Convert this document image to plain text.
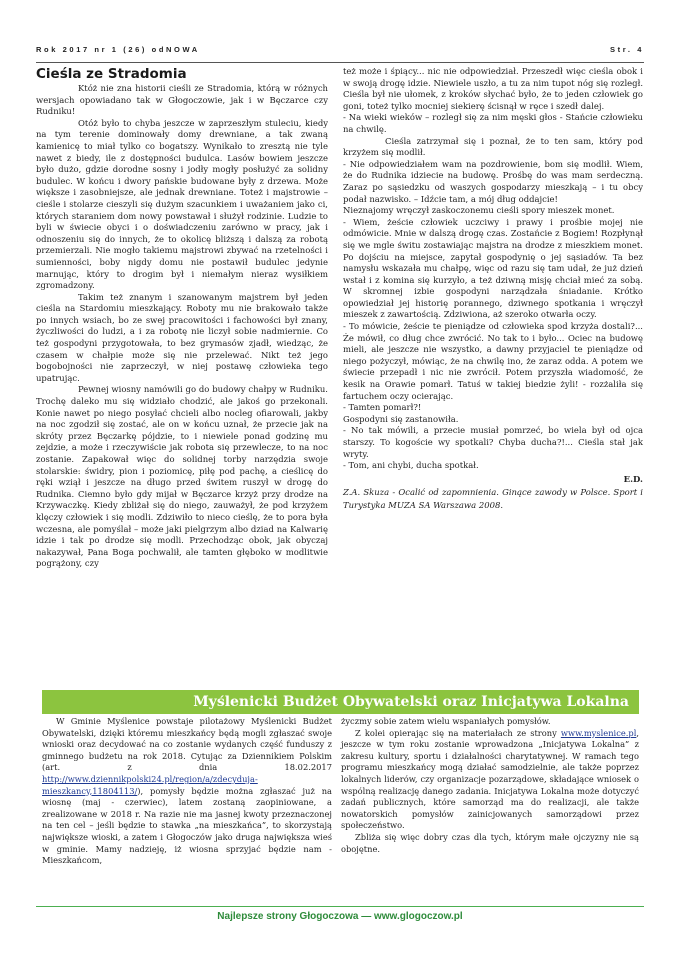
Rok 2017 nr 1 (26) odNOWA	Str. 4
Cieśla ze Stradomia

Któż nie zna historii cieśli ze Stradomia, którą w różnych wersjach opowiadano tak w Głogoczowie, jak i w Bęczarce czy Rudniku!

Otóż było to chyba jeszcze w zaprzeszłym stuleciu, kiedy na tym terenie dominowały domy drewniane, a tak zwaną kamienicę to miał tylko co bogatszy. Wynikało to zresztą nie tyle nawet z biedy, ile z dostępności budulca. Lasów bowiem jeszcze było dużo, gdzie dorodne sosny i jodły mogły posłużyć za solidny budulec. W końcu i dwory pańskie budowane były z drzewa. Może większe i zasobniejsze, ale jednak drewniane. Toteż i majstrowie – cieśle i stolarze cieszyli się dużym szacunkiem i uważaniem jako ci, których staraniem dom nowy powstawał i służył rodzinie. Ludzie to byli w świecie obyci i o doświadczeniu zarówno w pracy, jak i odnoszeniu się do innych, że to okolicę bliższą i dalszą za robotą przemierzali. Nie mogło takiemu majstrowi zbywać na rzetelności i sumienności, boby nigdy domu nie postawił budulec jedynie marnując, który to drogim był i niemałym nieraz wysiłkiem zgromadzony.

Takim też znanym i szanowanym majstrem był jeden cieśla na Stardomiu mieszkający. Roboty mu nie brakowało także po innych wsiach, bo ze swej pracowitości i fachowości był znany, życzliwości do ludzi, a i za robotę nie liczył sobie nadmiernie. Co też gospodyni przygotowała, to bez grymasów zjadł, wiedząc, że czasem w chałpie może się nie przelewać. Nikt też jego bogobojności nie zaprzeczył, w niej postawę człowieka tego upatrując.

Pewnej wiosny namówili go do budowy chałpy w Rudniku. Trochę daleko mu się widziało chodzić, ale jakoś go przekonali. Konie nawet po niego posyłać chcieli albo nocleg ofiarowali, jakby na noc zgodził się zostać, ale on w końcu uznał, że przecie jak na skróty przez Bęczarkę pójdzie, to i niewiele ponad godzinę mu zejdzie, a może i rzeczywiście jak robota się przewlecze, to na noc zostanie. Zapakował więc do solidnej torby narzędzia swoje stolarskie: świdry, pion i poziomicę, piłę pod pachę, a cieślicę do ręki wziął i jeszcze na długo przed świtem ruszył w drogę do Rudnika. Ciemno było gdy mijał w Bęczarce krzyż przy drodze na Krzywaczkę. Kiedy zbliżał się do niego, zauważył, że pod krzyżem klęczy człowiek i się modli. Zdziwiło to nieco cieślę, że to pora była wczesna, ale pomyślał – może jaki pielgrzym albo dziad na Kalwarię idzie i tak po drodze się modli. Przechodząc obok, jak obyczaj nakazywał, Pana Boga pochwalił, ale tamten głęboko w modlitwie pogrążony, czy

też może i śpiący... nic nie odpowiedział. Przeszedł więc cieśla obok i w swoją drogę idzie. Niewiele uszło, a tu za nim tupot nóg się rozległ. Cieśla był nie ułomek, z kroków słychać było, że to jeden człowiek go goni, toteż tylko mocniej siekierę ścisnął w ręce i szedł dalej.

- Na wieki wieków – rozległ się za nim męski głos - Stańcie człowieku na chwilę.

Cieśla zatrzymał się i poznał, że to ten sam, który pod krzyżem się modlił.

- Nie odpowiedziałem wam na pozdrowienie, bom się modlił. Wiem, że do Rudnika idziecie na budowę. Prośbę do was mam serdeczną. Zaraz po sąsiedzku od waszych gospodarzy mieszkają – i tu obcy podał nazwisko. – Idźcie tam, a mój dług oddajcie!

Nieznajomy wręczył zaskoczonemu cieśli spory mieszek monet.

- Wiem, żeście człowiek uczciwy i prawy i prośbie mojej nie odmówicie. Mnie w dalszą drogę czas. Zostańcie z Bogiem! Rozpłynął się we mgle świtu zostawiając majstra na drodze z mieszkiem monet. Po dojściu na miejsce, zapytał gospodynię o jej sąsiadów. Ta bez namysłu wskazała mu chałpę, więc od razu się tam udał, że już dzień wstał i z komina się kurzyło, a też dziwną misję chciał mieć za sobą. W skromnej izbie gospodyni narządzała śniadanie. Krótko opowiedział jej historię porannego, dziwnego spotkania i wręczył mieszek z zawartością. Zdziwiona, aż szeroko otwarła oczy.

- To mówicie, żeście te pieniądze od człowieka spod krzyża dostali?... Że mówił, co dług chce zwrócić. No tak to i było... Ociec na budowę mieli, ale jeszcze nie wszystko, a dawny przyjaciel te pieniądze od niego pożyczył, mówiąc, że na chwilę ino, że zaraz odda. A potem we świecie przepadł i nic nie zwrócił. Potem przyszła wiadomość, że kesik na Orawie pomarł. Tatuś w takiej biedzie żyli! - rozżaliła się fartuchem oczy ocierając.

- Tamten pomarł?!

Gospodyni się zastanowiła.

- No tak mówili, a przecie musiał pomrzeć, bo wiela był od ojca starszy. To kogoście wy spotkali? Chyba ducha?!... Cieśla stał jak wryty.

- Tom, ani chybi, ducha spotkał.

E.D.

Z.A. Skuza - Ocalić od zapomnienia. Ginące zawody w Polsce. Sport i Turystyka MUZA SA Warszawa 2008.

Myślenicki Budżet Obywatelski oraz Inicjatywa Lokalna

W Gminie Myślenice powstaje pilotażowy Myślenicki Budżet Obywatelski, dzięki któremu mieszkańcy będą mogli zgłaszać swoje wnioski oraz decydować na co zostanie wydanych część funduszy z gminnego budżetu na rok 2018. Cytując za Dziennikiem Polskim (art. z dnia 18.02.2017 http://www.dziennikpolski24.pl/region/a/zdecyduja-mieszkancy,11804113/), pomysły będzie można zgłaszać już na wiosnę (maj - czerwiec), latem zostaną zaopiniowane, a zrealizowane w 2018 r. Na razie nie ma jasnej kwoty przeznaczonej na ten cel – jeśli będzie to stawka „na mieszkańca”, to skorzystają największe wioski, a zatem i Głogoczów jako druga największa wieś w gminie. Mamy nadzieję, iż wiosna sprzyjać będzie nam - Mieszkańcom,

życzmy sobie zatem wielu wspaniałych pomysłów.

Z kolei opierając się na materiałach ze strony www.myslenice.pl, jeszcze w tym roku zostanie wprowadzona „Inicjatywa Lokalna” z zakresu kultury, sportu i działalności charytatywnej. W ramach tego programu mieszkańcy mogą działać samodzielnie, ale także poprzez lokalnych liderów, czy organizacje pozarządowe, składające wniosek o wspólną realizację danego zadania. Inicjatywa Lokalna może dotyczyć zadań publicznych, które samorząd ma do realizacji, ale także nowatorskich pomysłów zainicjowanych samorządowi przez społeczeństwo.

Zbliża się więc dobry czas dla tych, którym małe ojczyzny nie są obojętne.

Najlepsze strony Głogoczowa — www.glogoczow.pl
